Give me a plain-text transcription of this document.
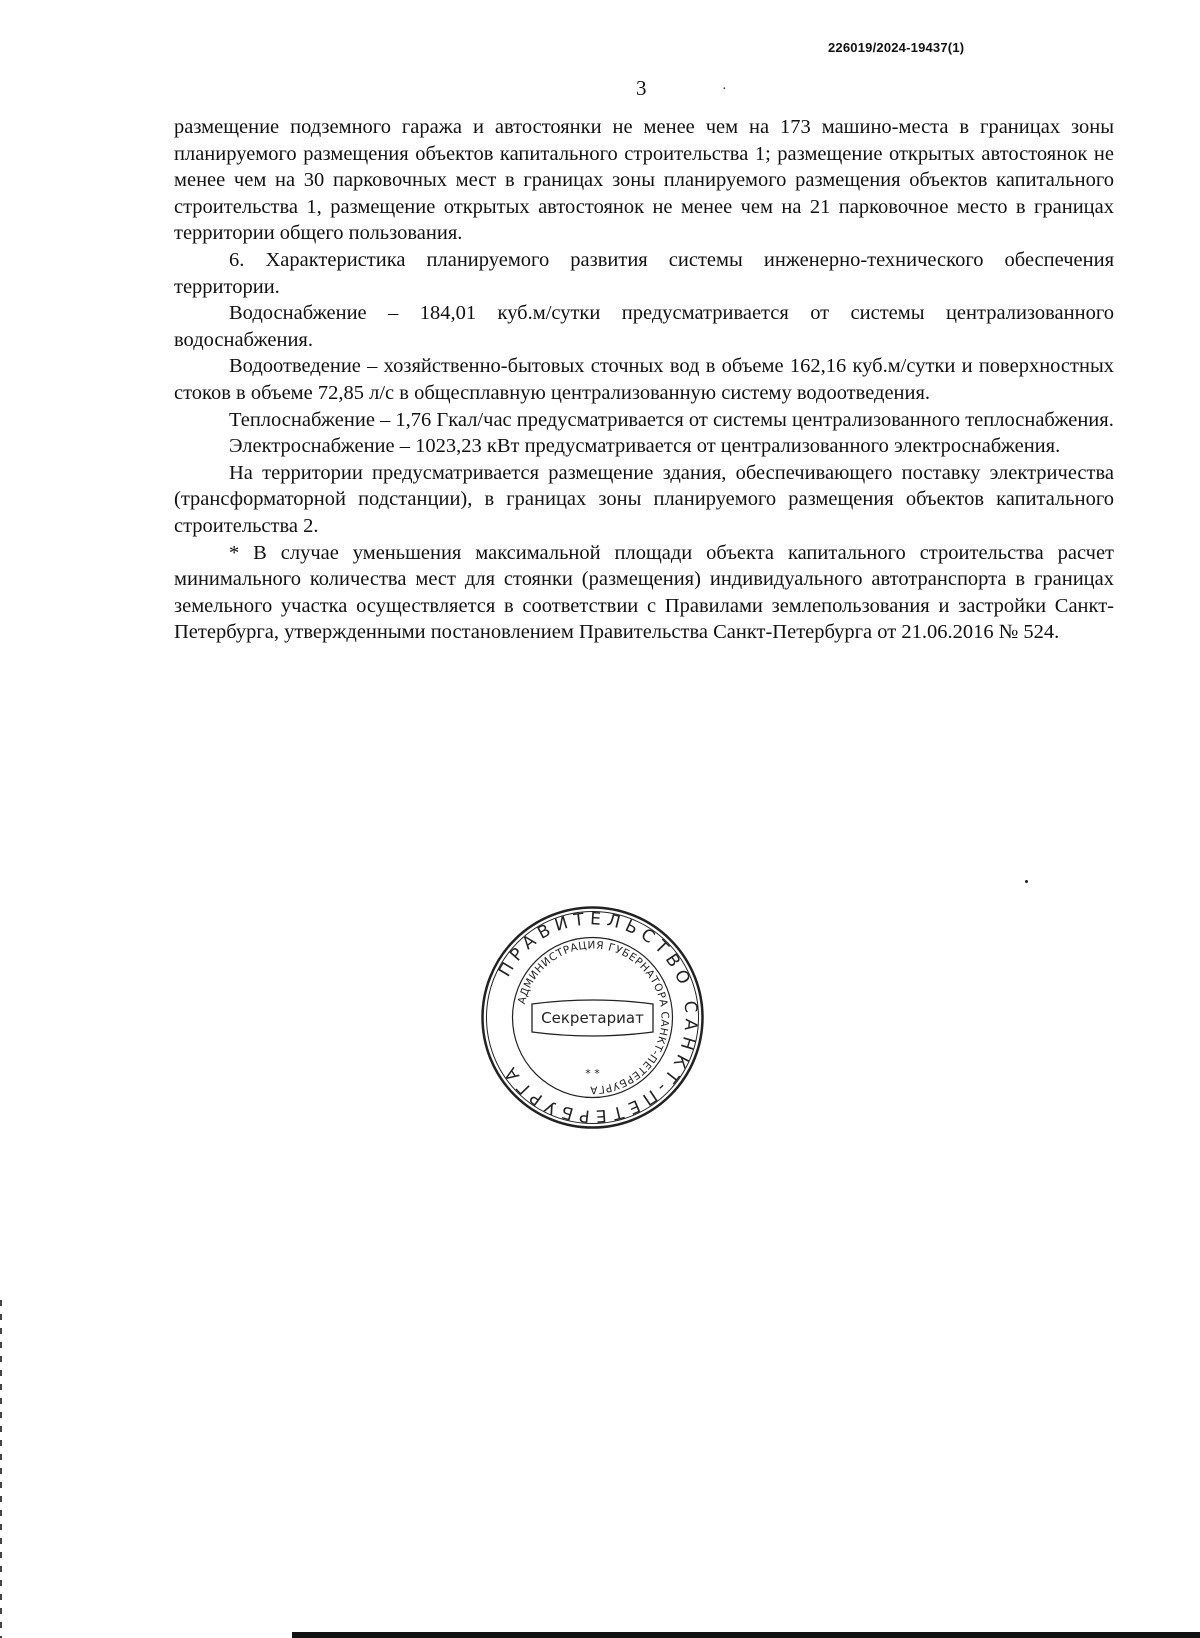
226019/2024-19437(1)
3	·

размещение подземного гаража и автостоянки не менее чем на 173 машино-места в границах зоны планируемого размещения объектов капитального строительства 1; размещение открытых автостоянок не менее чем на 30 парковочных мест в границах зоны планируемого размещения объектов капитального строительства 1, размещение открытых автостоянок не менее чем на 21 парковочное место в границах территории общего пользования.

6. Характеристика планируемого развития системы инженерно-технического обеспечения территории.

Водоснабжение – 184,01 куб.м/сутки предусматривается от системы централизованного водоснабжения.

Водоотведение – хозяйственно-бытовых сточных вод в объеме 162,16 куб.м/сутки и поверхностных стоков в объеме 72,85 л/с в общесплавную централизованную систему водоотведения.

Теплоснабжение – 1,76 Гкал/час предусматривается от системы централизованного теплоснабжения.

Электроснабжение – 1023,23 кВт предусматривается от централизованного электроснабжения.

На территории предусматривается размещение здания, обеспечивающего поставку электричества (трансформаторной подстанции), в границах зоны планируемого размещения объектов капитального строительства 2.

* В случае уменьшения максимальной площади объекта капитального строительства расчет минимального количества мест для стоянки (размещения) индивидуального автотранспорта в границах земельного участка осуществляется в соответствии с Правилами землепользования и застройки Санкт-Петербурга, утвержденными постановлением Правительства Санкт-Петербурга от 21.06.2016 № 524.

ПРАВИТЕЛЬСТВО САНКТ-ПЕТЕРБУРГА
АДМИНИСТРАЦИЯ ГУБЕРНАТОРА САНКТ-ПЕТЕРБУРГА
Секретариат
* *
